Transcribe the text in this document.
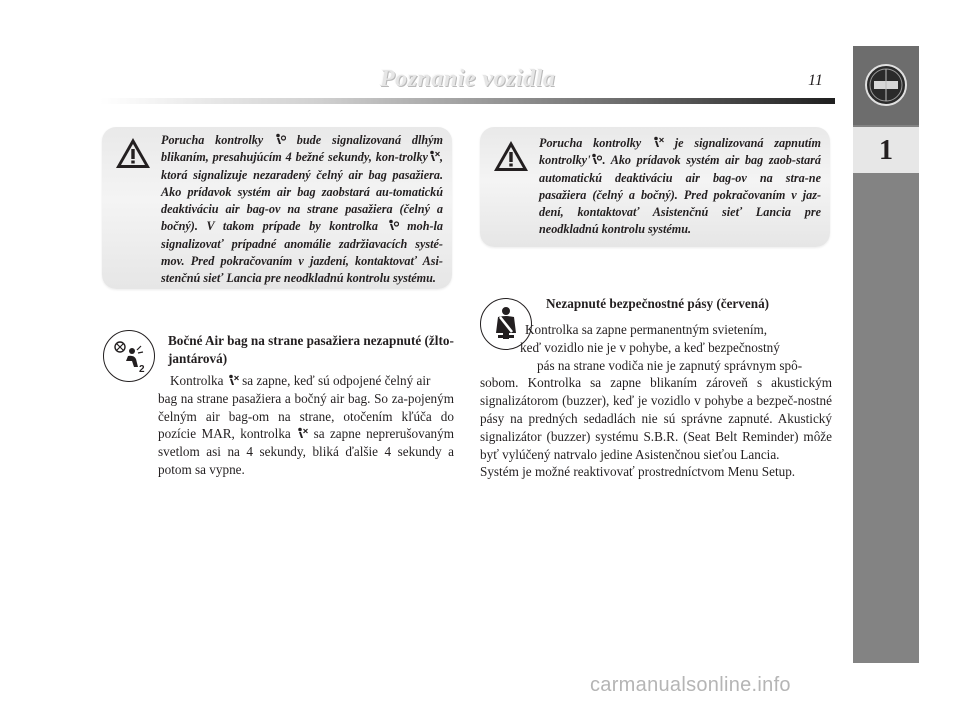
Poznanie vozidla	11
1
Porucha kontrolky  bude signalizovaná dlhým blikaním, presahujúcím 4 bežné sekundy, kon-trolky , ktorá signalizuje nezaradený čelný air bag pasažiera. Ako prídavok systém air bag zaobstará au-tomatickú deaktiváciu air bag-ov na strane pasažiera (čelný a bočný). V takom prípade by kontrolka  moh-la signalizovať prípadné anomálie zadržiavacích systé-mov. Pred pokračovaním v jazdení, kontaktovať Asi-stenčnú sieť Lancia pre neodkladnú kontrolu systému.
Porucha kontrolky  je signalizovaná zapnutím kontrolky' . Ako prídavok systém air bag zaob-stará automatickú deaktiváciu air bag-ov na stra-ne pasažiera (čelný a bočný). Pred pokračovaním v jaz-dení, kontaktovať Asistenčnú sieť Lancia pre neodkladnú kontrolu systému.
2
Bočné Air bag na strane pasažiera nezapnuté (žlto-jantárová)
Kontrolka  sa zapne, keď sú odpojené čelný air
bag na strane pasažiera a bočný air bag. So za-pojeným čelným air bag-om na strane, otočením kľúča do pozície MAR, kontrolka  sa zapne neprerušovaným svetlom asi na 4 sekundy, bliká ďalšie 4 sekundy a potom sa vypne.
Nezapnuté bezpečnostné pásy (červená)
Kontrolka sa zapne permanentným svietením,
keď vozidlo nie je v pohybe, a keď bezpečnostný
pás na strane vodiča nie je zapnutý správnym spô-
sobom. Kontrolka sa zapne blikaním zároveň s akustickým signalizátorom (buzzer), keď je vozidlo v pohybe a bezpeč-nostné pásy na predných sedadlách nie sú správne zapnuté. Akustický signalizátor (buzzer) systému S.B.R. (Seat Belt Reminder) môže byť vylúčený natrvalo jedine Asistenčnou sieťou Lancia.
Systém je možné reaktivovať prostredníctvom Menu Setup.
carmanualsonline.info
